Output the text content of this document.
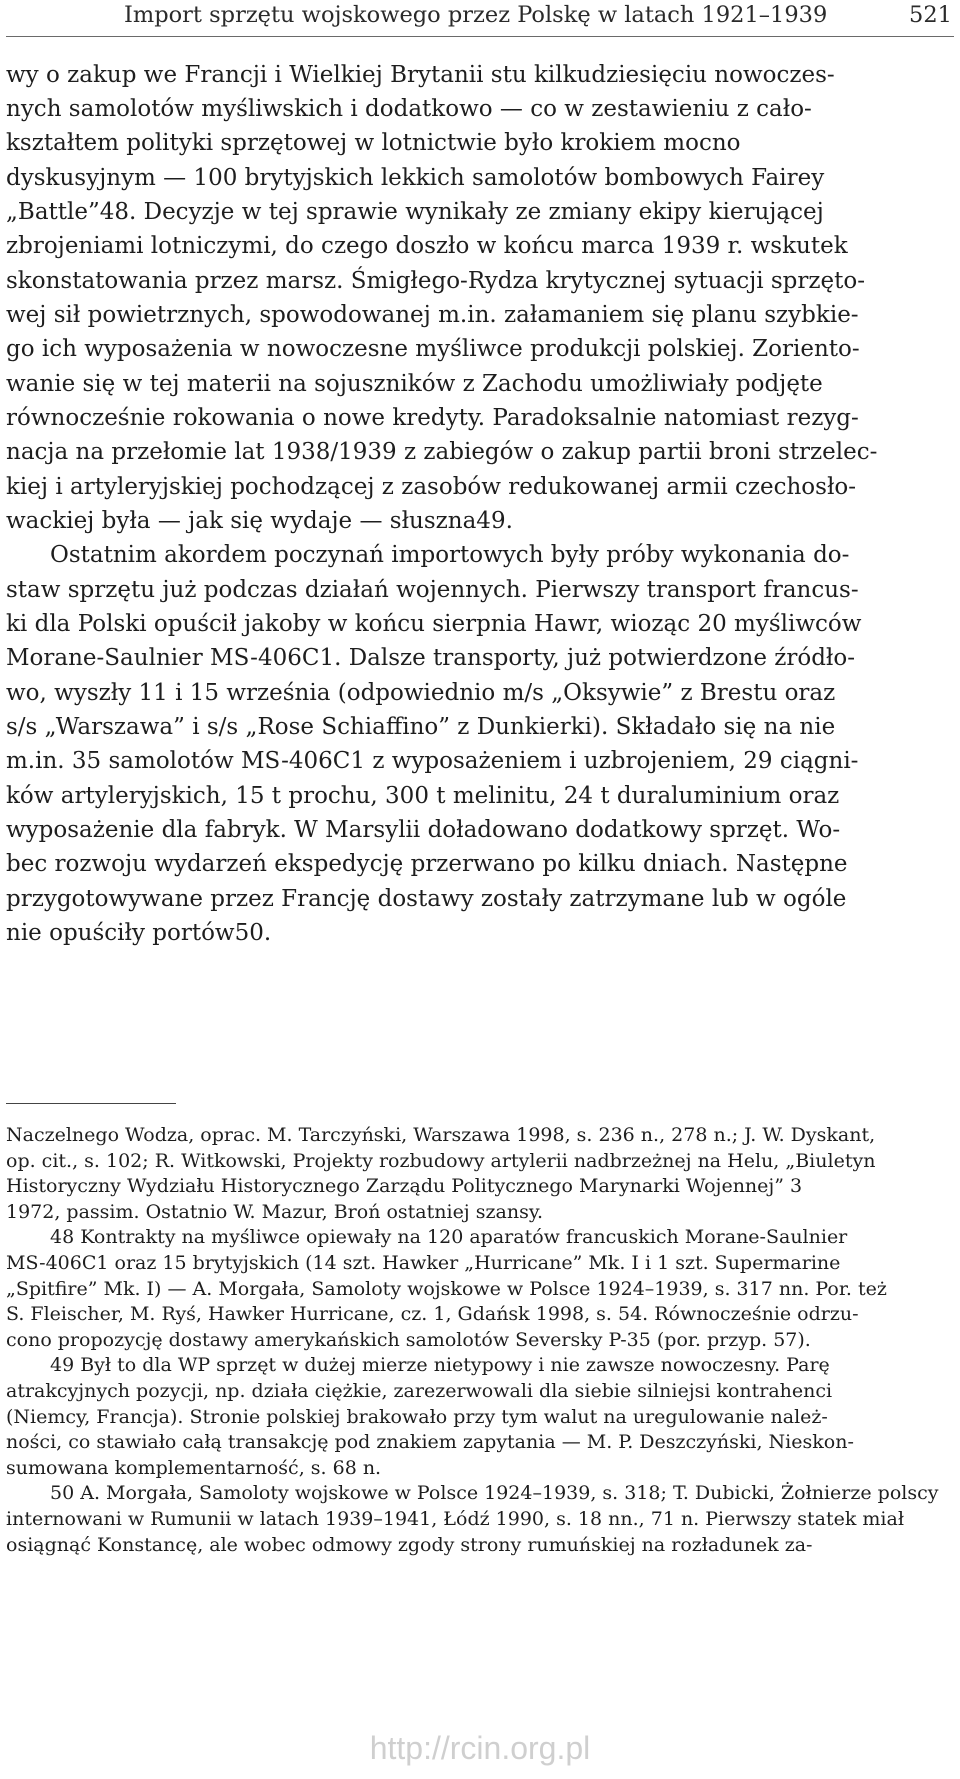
Import sprzętu wojskowego przez Polskę w latach 1921–1939	521
wy o zakup we Francji i Wielkiej Brytanii stu kilkudziesięciu nowoczes-
nych samolotów myśliwskich i dodatkowo — co w zestawieniu z cało-
kształtem polityki sprzętowej w lotnictwie było krokiem mocno
dyskusyjnym — 100 brytyjskich lekkich samolotów bombowych Fairey
„Battle”48. Decyzje w tej sprawie wynikały ze zmiany ekipy kierującej
zbrojeniami lotniczymi, do czego doszło w końcu marca 1939 r. wskutek
skonstatowania przez marsz. Śmigłego-Rydza krytycznej sytuacji sprzęto-
wej sił powietrznych, spowodowanej m.in. załamaniem się planu szybkie-
go ich wyposażenia w nowoczesne myśliwce produkcji polskiej. Zoriento-
wanie się w tej materii na sojuszników z Zachodu umożliwiały podjęte
równocześnie rokowania o nowe kredyty. Paradoksalnie natomiast rezyg-
nacja na przełomie lat 1938/1939 z zabiegów o zakup partii broni strzelec-
kiej i artyleryjskiej pochodzącej z zasobów redukowanej armii czechosło-
wackiej była — jak się wydaje — słuszna49.
Ostatnim akordem poczynań importowych były próby wykonania do-
staw sprzętu już podczas działań wojennych. Pierwszy transport francus-
ki dla Polski opuścił jakoby w końcu sierpnia Hawr, wioząc 20 myśliwców
Morane-Saulnier MS-406C1. Dalsze transporty, już potwierdzone źródło-
wo, wyszły 11 i 15 września (odpowiednio m/s „Oksywie” z Brestu oraz
s/s „Warszawa” i s/s „Rose Schiaffino” z Dunkierki). Składało się na nie
m.in. 35 samolotów MS-406C1 z wyposażeniem i uzbrojeniem, 29 ciągni-
ków artyleryjskich, 15 t prochu, 300 t melinitu, 24 t duraluminium oraz
wyposażenie dla fabryk. W Marsylii doładowano dodatkowy sprzęt. Wo-
bec rozwoju wydarzeń ekspedycję przerwano po kilku dniach. Następne
przygotowywane przez Francję dostawy zostały zatrzymane lub w ogóle
nie opuściły portów50.
Naczelnego Wodza, oprac. M. Tarczyński, Warszawa 1998, s. 236 n., 278 n.; J. W. Dyskant,
op. cit., s. 102; R. Witkowski, Projekty rozbudowy artylerii nadbrzeżnej na Helu, „Biuletyn
Historyczny Wydziału Historycznego Zarządu Politycznego Marynarki Wojennej” 3
1972, passim. Ostatnio W. Mazur, Broń ostatniej szansy.
48 Kontrakty na myśliwce opiewały na 120 aparatów francuskich Morane-Saulnier
MS-406C1 oraz 15 brytyjskich (14 szt. Hawker „Hurricane” Mk. I i 1 szt. Supermarine
„Spitfire” Mk. I) — A. Morgała, Samoloty wojskowe w Polsce 1924–1939, s. 317 nn. Por. też
S. Fleischer, M. Ryś, Hawker Hurricane, cz. 1, Gdańsk 1998, s. 54. Równocześnie odrzu-
cono propozycję dostawy amerykańskich samolotów Seversky P-35 (por. przyp. 57).
49 Był to dla WP sprzęt w dużej mierze nietypowy i nie zawsze nowoczesny. Parę
atrakcyjnych pozycji, np. działa ciężkie, zarezerwowali dla siebie silniejsi kontrahenci
(Niemcy, Francja). Stronie polskiej brakowało przy tym walut na uregulowanie należ-
ności, co stawiało całą transakcję pod znakiem zapytania — M. P. Deszczyński, Nieskon-
sumowana komplementarność, s. 68 n.
50 A. Morgała, Samoloty wojskowe w Polsce 1924–1939, s. 318; T. Dubicki, Żołnierze polscy
internowani w Rumunii w latach 1939–1941, Łódź 1990, s. 18 nn., 71 n. Pierwszy statek miał
osiągnąć Konstancę, ale wobec odmowy zgody strony rumuńskiej na rozładunek za-
http://rcin.org.pl
